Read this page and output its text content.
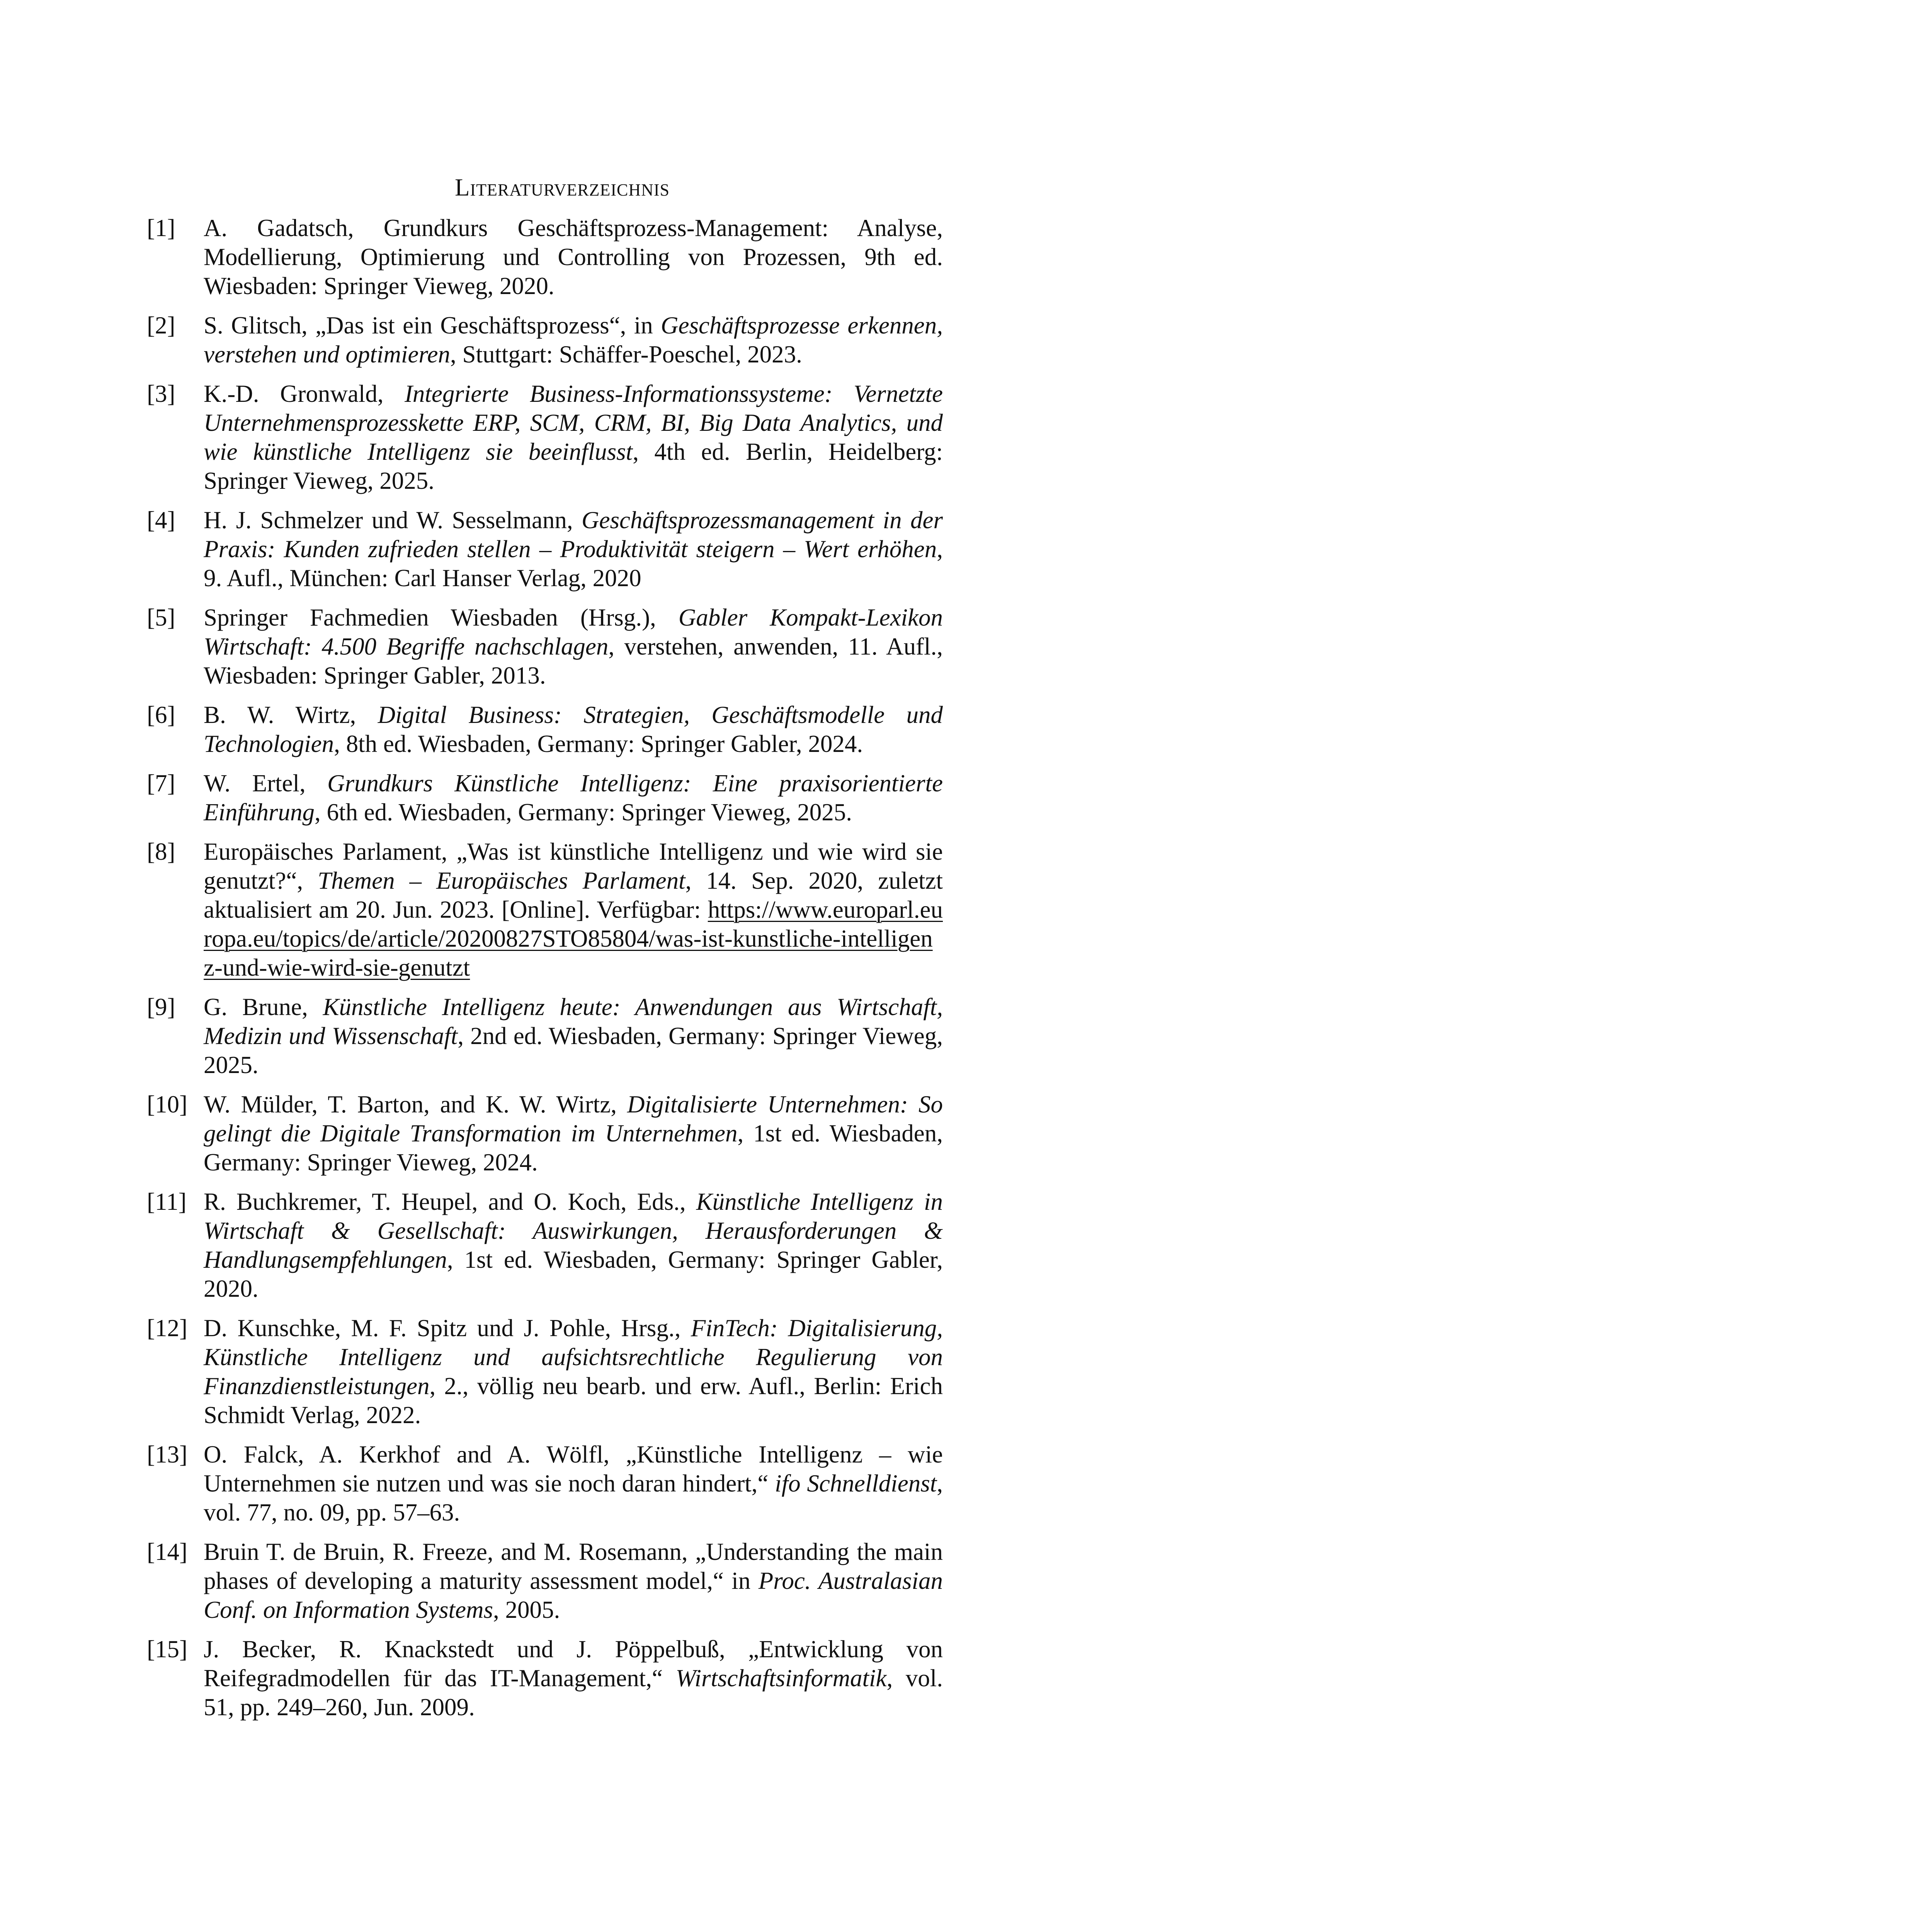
Literaturverzeichnis
[1]	A. Gadatsch, Grundkurs Geschäftsprozess-Management: Analyse, Modellierung, Optimierung und Controlling von Prozessen, 9th ed. Wiesbaden: Springer Vieweg, 2020.
[2]	S. Glitsch, „Das ist ein Geschäftsprozess“, in Geschäftsprozesse erkennen, verstehen und optimieren, Stuttgart: Schäffer-Poeschel, 2023.
[3]	K.-D. Gronwald, Integrierte Business-Informationssysteme: Vernetzte Unternehmensprozesskette ERP, SCM, CRM, BI, Big Data Analytics, und wie künstliche Intelligenz sie beeinflusst, 4th ed. Berlin, Heidelberg: Springer Vieweg, 2025.
[4]	H. J. Schmelzer und W. Sesselmann, Geschäftsprozessmanagement in der Praxis: Kunden zufrieden stellen – Produktivität steigern – Wert erhöhen, 9. Aufl., München: Carl Hanser Verlag, 2020
[5]	Springer Fachmedien Wiesbaden (Hrsg.), Gabler Kompakt-Lexikon Wirtschaft: 4.500 Begriffe nachschlagen, verstehen, anwenden, 11. Aufl., Wiesbaden: Springer Gabler, 2013.
[6]	B. W. Wirtz, Digital Business: Strategien, Geschäftsmodelle und Technologien, 8th ed. Wiesbaden, Germany: Springer Gabler, 2024.
[7]	W. Ertel, Grundkurs Künstliche Intelligenz: Eine praxisorientierte Einführung, 6th ed. Wiesbaden, Germany: Springer Vieweg, 2025.
[8]	Europäisches Parlament, „Was ist künstliche Intelligenz und wie wird sie genutzt?“, Themen – Europäisches Parlament, 14. Sep. 2020, zuletzt aktualisiert am 20. Jun. 2023. [Online]. Verfügbar: https://www.europarl.europa.eu/topics/de/article/20200827STO85804/was-ist-kunstliche-intelligenz-und-wie-wird-sie-genutzt
[9]	G. Brune, Künstliche Intelligenz heute: Anwendungen aus Wirtschaft, Medizin und Wissenschaft, 2nd ed. Wiesbaden, Germany: Springer Vieweg, 2025.
[10] W. Mülder, T. Barton, and K. W. Wirtz, Digitalisierte Unternehmen: So gelingt die Digitale Transformation im Unternehmen, 1st ed. Wiesbaden, Germany: Springer Vieweg, 2024.
[11] R. Buchkremer, T. Heupel, and O. Koch, Eds., Künstliche Intelligenz in Wirtschaft & Gesellschaft: Auswirkungen, Herausforderungen & Handlungsempfehlungen, 1st ed. Wiesbaden, Germany: Springer Gabler, 2020.
[12] D. Kunschke, M. F. Spitz und J. Pohle, Hrsg., FinTech: Digitalisierung, Künstliche Intelligenz und aufsichtsrechtliche Regulierung von Finanzdienstleistungen, 2., völlig neu bearb. und erw. Aufl., Berlin: Erich Schmidt Verlag, 2022.
[13] O. Falck, A. Kerkhof and A. Wölfl, „Künstliche Intelligenz – wie Unternehmen sie nutzen und was sie noch daran hindert,“ ifo Schnelldienst, vol. 77, no. 09, pp. 57–63.
[14] Bruin T. de Bruin, R. Freeze, and M. Rosemann, „Understanding the main phases of developing a maturity assessment model,“ in Proc. Australasian Conf. on Information Systems, 2005.
[15] J. Becker, R. Knackstedt und J. Pöppelbuß, „Entwicklung von Reifegradmodellen für das IT-Management,“ Wirtschaftsinformatik, vol. 51, pp. 249–260, Jun. 2009.
